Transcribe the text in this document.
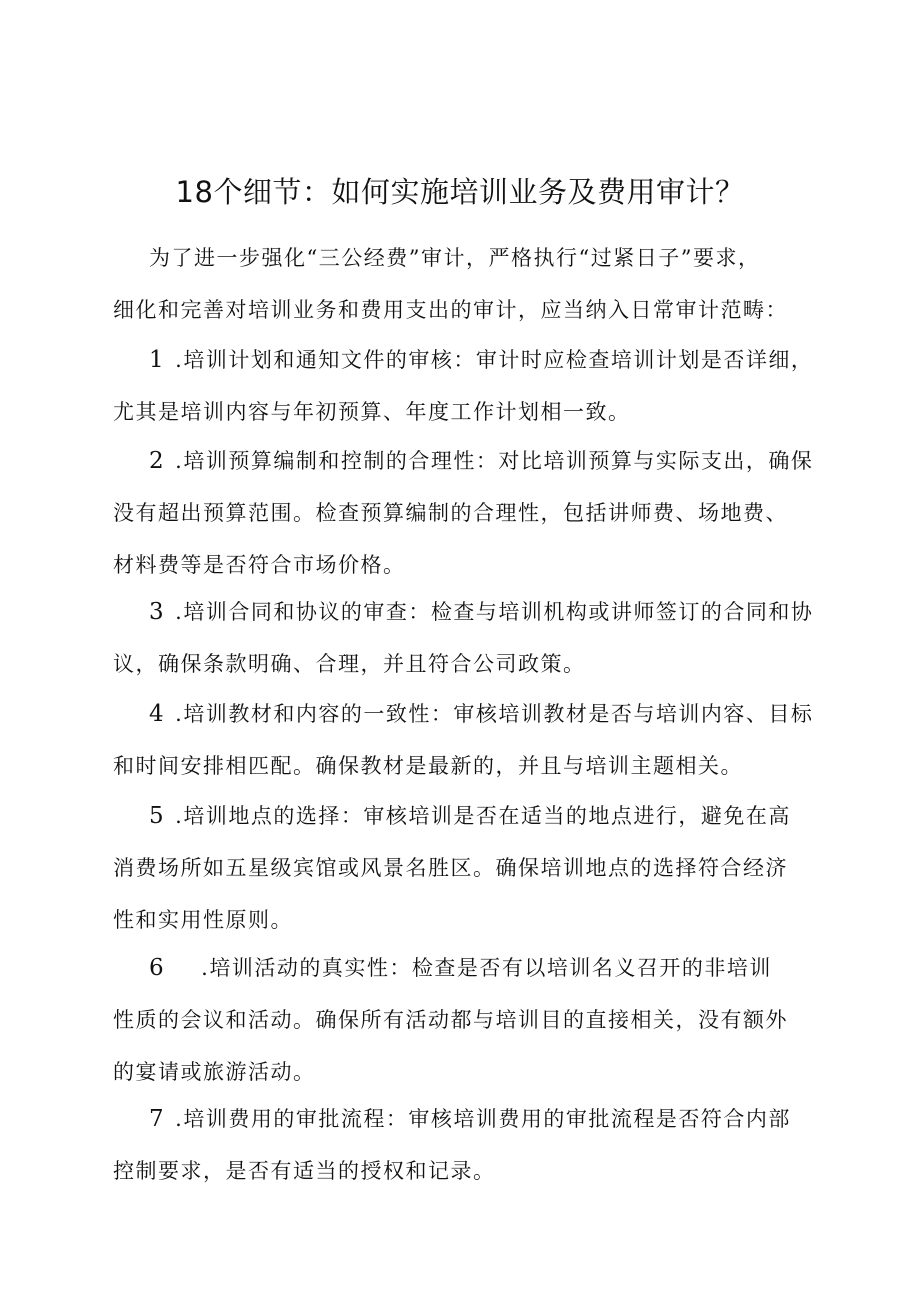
18个细节：如何实施培训业务及费用审计？

为了进一步强化“三公经费”审计，严格执行“过紧日子”要求，
细化和完善对培训业务和费用支出的审计，应当纳入日常审计范畴：

1 .培训计划和通知文件的审核：审计时应检查培训计划是否详细，
尤其是培训内容与年初预算、年度工作计划相一致。

2 .培训预算编制和控制的合理性：对比培训预算与实际支出，确保
没有超出预算范围。检查预算编制的合理性，包括讲师费、场地费、
材料费等是否符合市场价格。

3 .培训合同和协议的审查：检查与培训机构或讲师签订的合同和协
议，确保条款明确、合理，并且符合公司政策。

4 .培训教材和内容的一致性：审核培训教材是否与培训内容、目标
和时间安排相匹配。确保教材是最新的，并且与培训主题相关。

5 .培训地点的选择：审核培训是否在适当的地点进行，避免在高
消费场所如五星级宾馆或风景名胜区。确保培训地点的选择符合经济
性和实用性原则。

6 .培训活动的真实性：检查是否有以培训名义召开的非培训
性质的会议和活动。确保所有活动都与培训目的直接相关，没有额外
的宴请或旅游活动。

7 .培训费用的审批流程：审核培训费用的审批流程是否符合内部
控制要求，是否有适当的授权和记录。
